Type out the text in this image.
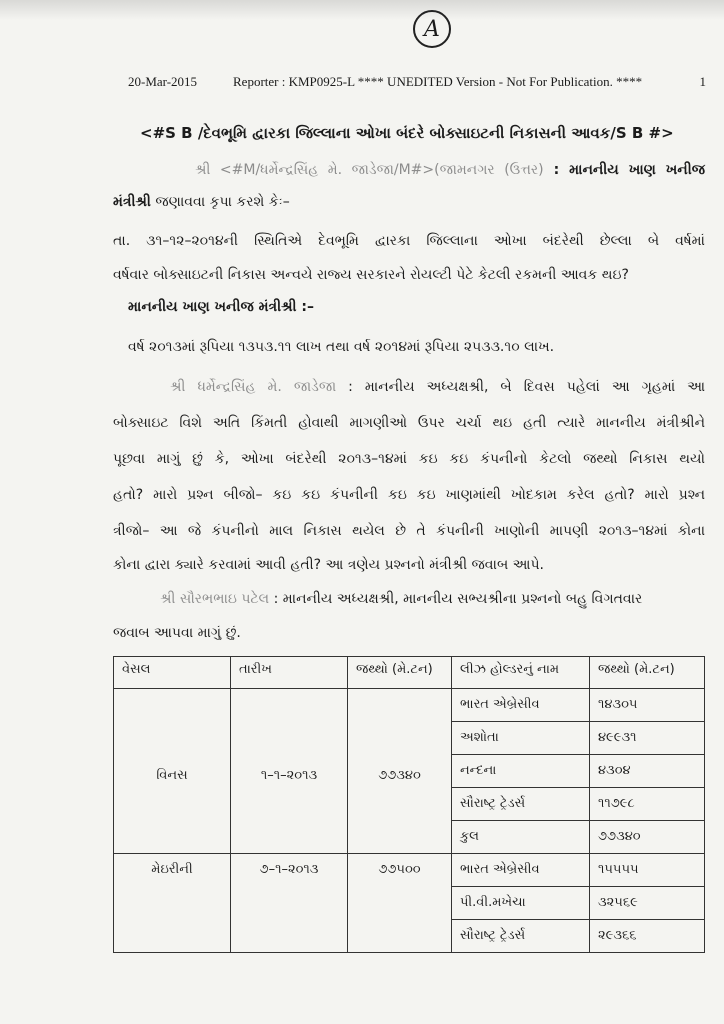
A
20-Mar-2015	Reporter : KMP0925-L **** UNEDITED Version - Not For Publication. ****	1
<#S B /દેવભૂમિ દ્વારકા જિલ્લાના ઓખા બંદરે બોક્સાઇટની નિકાસની આવક/S B #>
શ્રી <#M/ધર્મેન્દ્રસિંહ મે. જાડેજા/M#>(જામનગર (ઉત્તર) : માનનીય ખાણ ખનીજ
મંત્રીશ્રી જણાવવા કૃપા કરશે કેઃ–
તા. ૩૧–૧૨–૨૦૧૪ની સ્થિતિએ દેવભૂમિ દ્વારકા જિલ્લાના ઓખા બંદરેથી છેલ્લા બે વર્ષમાં
વર્ષવાર બોક્સાઇટની નિકાસ અન્વયે રાજ્ય સરકારને રોયલ્ટી પેટે કેટલી રકમની આવક થઇ?
માનનીય ખાણ ખનીજ મંત્રીશ્રી :–
વર્ષ ૨૦૧૩માં રૂપિયા ૧૩૫૩.૧૧ લાખ તથા વર્ષ ૨૦૧૪માં રૂપિયા ૨૫૩૩.૧૦ લાખ.
શ્રી ધર્મેન્દ્રસિંહ મે. જાડેજા : માનનીય અધ્યક્ષશ્રી, બે દિવસ પહેલાં આ ગૃહમાં આ
બોક્સાઇટ વિશે અતિ કિંમતી હોવાથી માગણીઓ ઉપર ચર્ચા થઇ હતી ત્યારે માનનીય મંત્રીશ્રીને
પૂછવા માગું છું કે, ઓખા બંદરેથી ૨૦૧૩–૧૪માં કઇ કઇ કંપનીનો કેટલો જથ્થો નિકાસ થયો
હતો? મારો પ્રશ્ન બીજો– કઇ કઇ કંપનીની કઇ કઇ ખાણમાંથી ખોદકામ કરેલ હતો? મારો પ્રશ્ન
ત્રીજો– આ જે કંપનીનો માલ નિકાસ થયેલ છે તે કંપનીની ખાણોની માપણી ૨૦૧૩–૧૪માં કોના
કોના દ્વારા ક્યારે કરવામાં આવી હતી? આ ત્રણેય પ્રશ્નનો મંત્રીશ્રી જવાબ આપે.
શ્રી સૌરભભાઇ પટેલ : માનનીય અધ્યક્ષશ્રી, માનનીય સભ્યશ્રીના પ્રશ્નનો બહુ વિગતવાર
જવાબ આપવા માગું છું.
વેસલ	તારીખ	જથ્થો (મે.ટન)	લીઝ હોલ્ડરનું નામ	જથ્થો (મે.ટન)
વિનસ	૧–૧–૨૦૧૩	૭૭૩૪૦	ભારત એબ્રેસીવ	૧૪૩૦૫
			અશોતા	૪૯૯૩૧
			નન્દના	૪૩૦૪
			સૌરાષ્ટ્ર ટ્રેડર્સ	૧૧૭૯૮
			કુલ	૭૭૩૪૦
મેઇરીની	૭–૧–૨૦૧૩	૭૭૫૦૦	ભારત એબ્રેસીવ	૧૫૫૫૫
			પી.વી.મખેચા	૩૨૫૬૯
			સૌરાષ્ટ્ર ટ્રેડર્સ	૨૯૩૬૬
